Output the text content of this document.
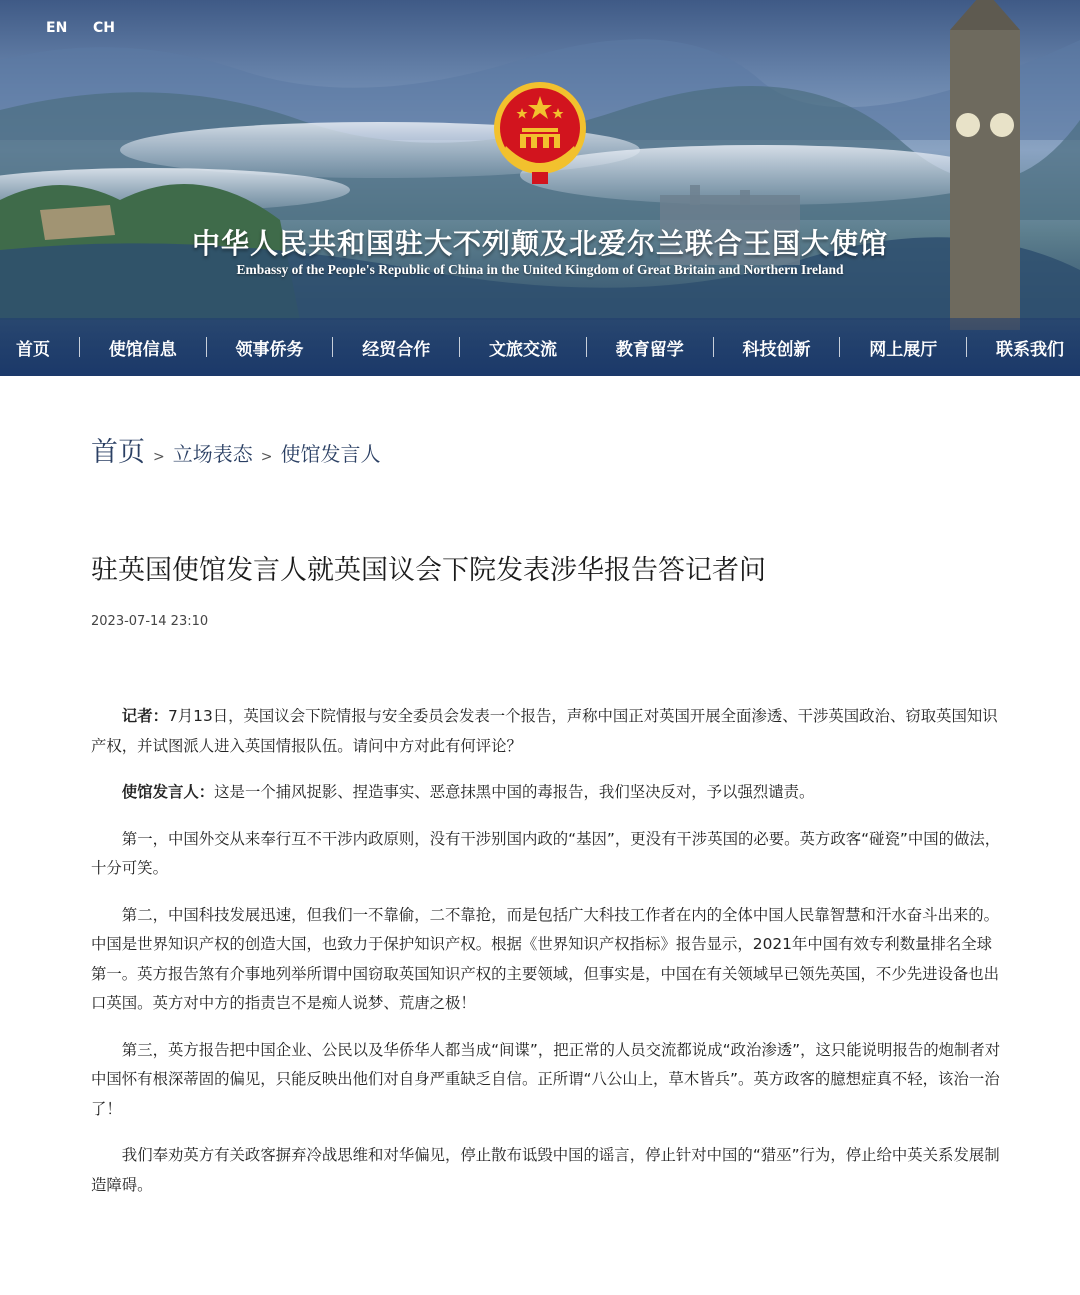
EN CH
中华人民共和国驻大不列颠及北爱尔兰联合王国大使馆
Embassy of the People's Republic of China in the United Kingdom of Great Britain and Northern Ireland
首页	使馆信息	领事侨务	经贸合作	文旅交流	教育留学	科技创新	网上展厅	联系我们
首页 > 立场表态 > 使馆发言人
驻英国使馆发言人就英国议会下院发表涉华报告答记者问
2023-07-14 23:10

记者：7月13日，英国议会下院情报与安全委员会发表一个报告，声称中国正对英国开展全面渗透、干涉英国政治、窃取英国知识产权，并试图派人进入英国情报队伍。请问中方对此有何评论？

使馆发言人：这是一个捕风捉影、捏造事实、恶意抹黑中国的毒报告，我们坚决反对，予以强烈谴责。

第一，中国外交从来奉行互不干涉内政原则，没有干涉别国内政的“基因”，更没有干涉英国的必要。英方政客“碰瓷”中国的做法，十分可笑。

第二，中国科技发展迅速，但我们一不靠偷，二不靠抢，而是包括广大科技工作者在内的全体中国人民靠智慧和汗水奋斗出来的。中国是世界知识产权的创造大国，也致力于保护知识产权。根据《世界知识产权指标》报告显示，2021年中国有效专利数量排名全球第一。英方报告煞有介事地列举所谓中国窃取英国知识产权的主要领域，但事实是，中国在有关领域早已领先英国，不少先进设备也出口英国。英方对中方的指责岂不是痴人说梦、荒唐之极！

第三，英方报告把中国企业、公民以及华侨华人都当成“间谍”，把正常的人员交流都说成“政治渗透”，这只能说明报告的炮制者对中国怀有根深蒂固的偏见，只能反映出他们对自身严重缺乏自信。正所谓“八公山上，草木皆兵”。英方政客的臆想症真不轻，该治一治了！

我们奉劝英方有关政客摒弃冷战思维和对华偏见，停止散布诋毁中国的谣言，停止针对中国的“猎巫”行为，停止给中英关系发展制造障碍。
